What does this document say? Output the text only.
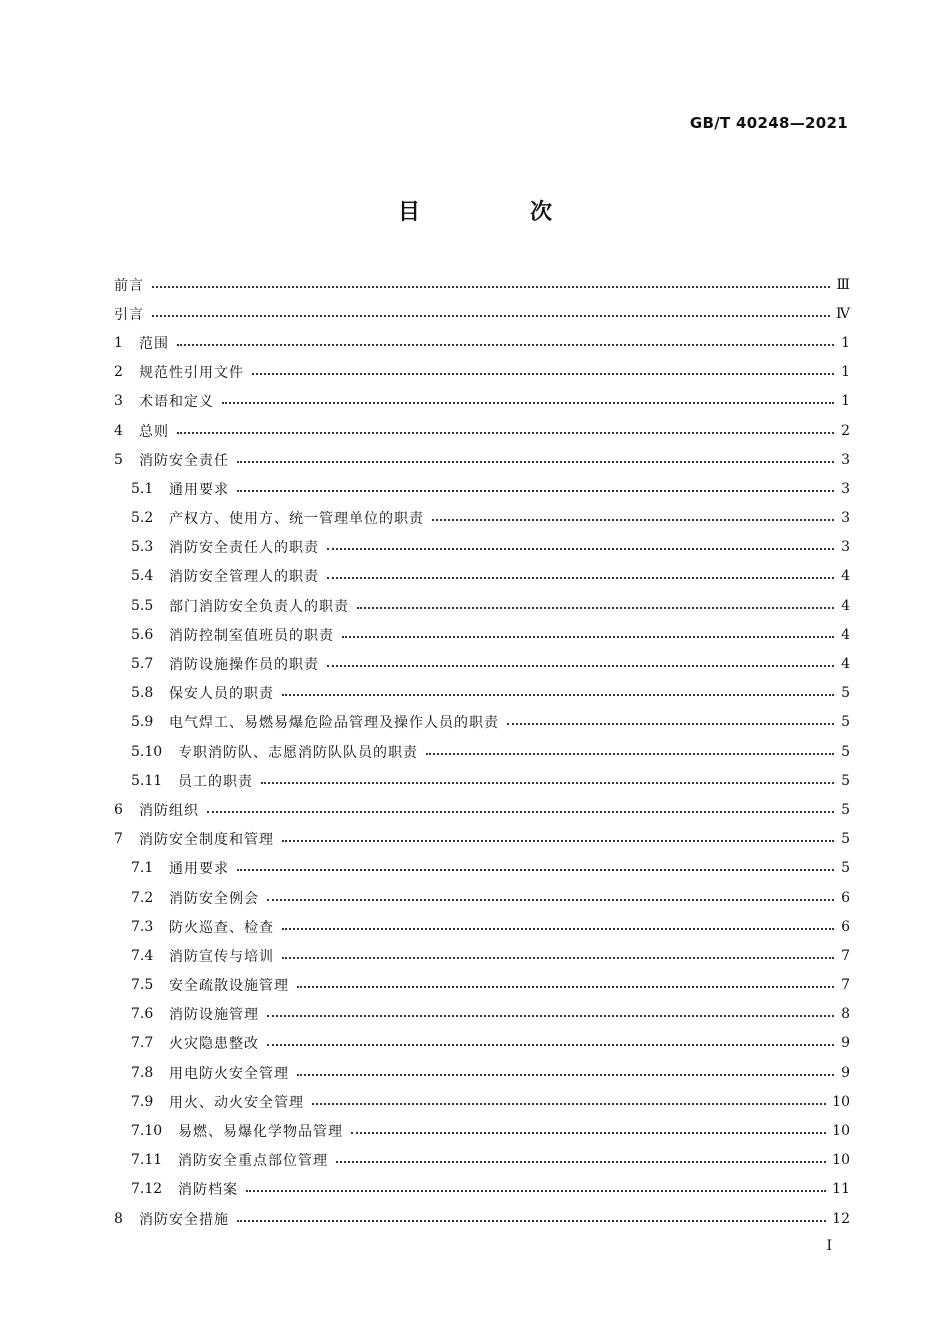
GB/T 40248—2021
目　次
前言	Ⅲ
引言	Ⅳ
1	范围	1
2	规范性引用文件	1
3	术语和定义	1
4	总则	2
5	消防安全责任	3
5.1	通用要求	3
5.2	产权方、使用方、统一管理单位的职责	3
5.3	消防安全责任人的职责	3
5.4	消防安全管理人的职责	4
5.5	部门消防安全负责人的职责	4
5.6	消防控制室值班员的职责	4
5.7	消防设施操作员的职责	4
5.8	保安人员的职责	5
5.9	电气焊工、易燃易爆危险品管理及操作人员的职责	5
5.10	专职消防队、志愿消防队队员的职责	5
5.11	员工的职责	5
6	消防组织	5
7	消防安全制度和管理	5
7.1	通用要求	5
7.2	消防安全例会	6
7.3	防火巡查、检查	6
7.4	消防宣传与培训	7
7.5	安全疏散设施管理	7
7.6	消防设施管理	8
7.7	火灾隐患整改	9
7.8	用电防火安全管理	9
7.9	用火、动火安全管理	10
7.10	易燃、易爆化学物品管理	10
7.11	消防安全重点部位管理	10
7.12	消防档案	11
8	消防安全措施	12
I
